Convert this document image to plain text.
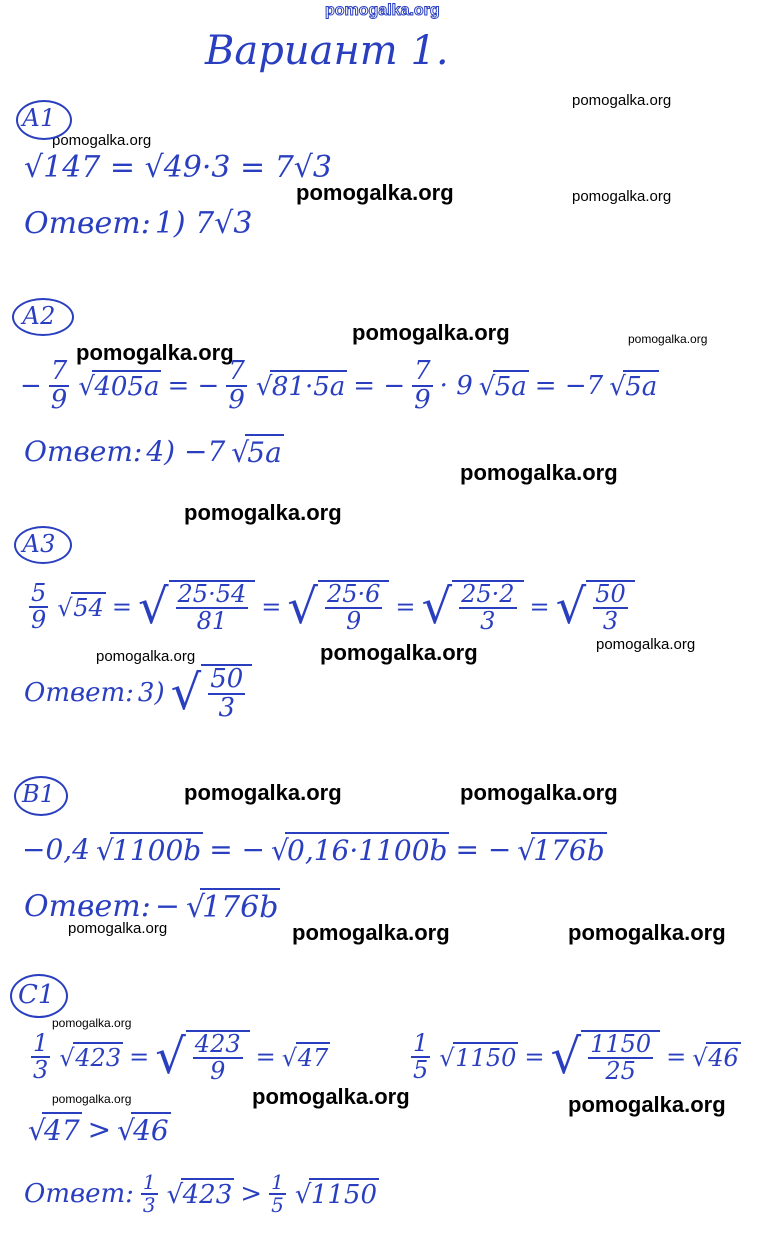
pomogalka.org
Вариант 1.
pomogalka.org
pomogalka.org
pomogalka.org	pomogalka.org
pomogalka.org	pomogalka.org
pomogalka.org
pomogalka.org
pomogalka.org
pomogalka.org
pomogalka.org
pomogalka.org
pomogalka.org	pomogalka.org
pomogalka.org	pomogalka.org
pomogalka.org
pomogalka.org
pomogalka.org
pomogalka.org	pomogalka.org
А1
√147 = √49·3 = 7√3
Ответ: 1) 7√3
А2
− $\frac{7}{9}$ √ 405a = − $\frac{7}{9}$ √ 81·5a = − $\frac{7}{9} \cdot 9$ √ 5a = −7 √ 5a
Ответ: 4) −7 √ 5a
А3
$\frac{5}{9}$	√ 54 = √ $\frac{25\cdot 54}{81}$ = √ $\frac{25\cdot 6}{9}$ = √ $\frac{25\cdot 2}{3}$ = √ $\frac{50}{3}$
Ответ: 3) √ $\frac{50}{3}$
В1
−0,4 √ 1100b = − √ 0,16·1100b = − √ 176b
Ответ: − √ 176b
С1
$\frac{1}{3}$	√ 423 = √ $\frac{423}{9}$ = √ 47	$\frac{1}{5}$	√ 1150 = √ $\frac{1150}{25}$ = √ 46
√ 47 > √ 46
Ответ: $\frac{1}{3}$ √ $423 > \frac{1}{5}$ √ 1150
